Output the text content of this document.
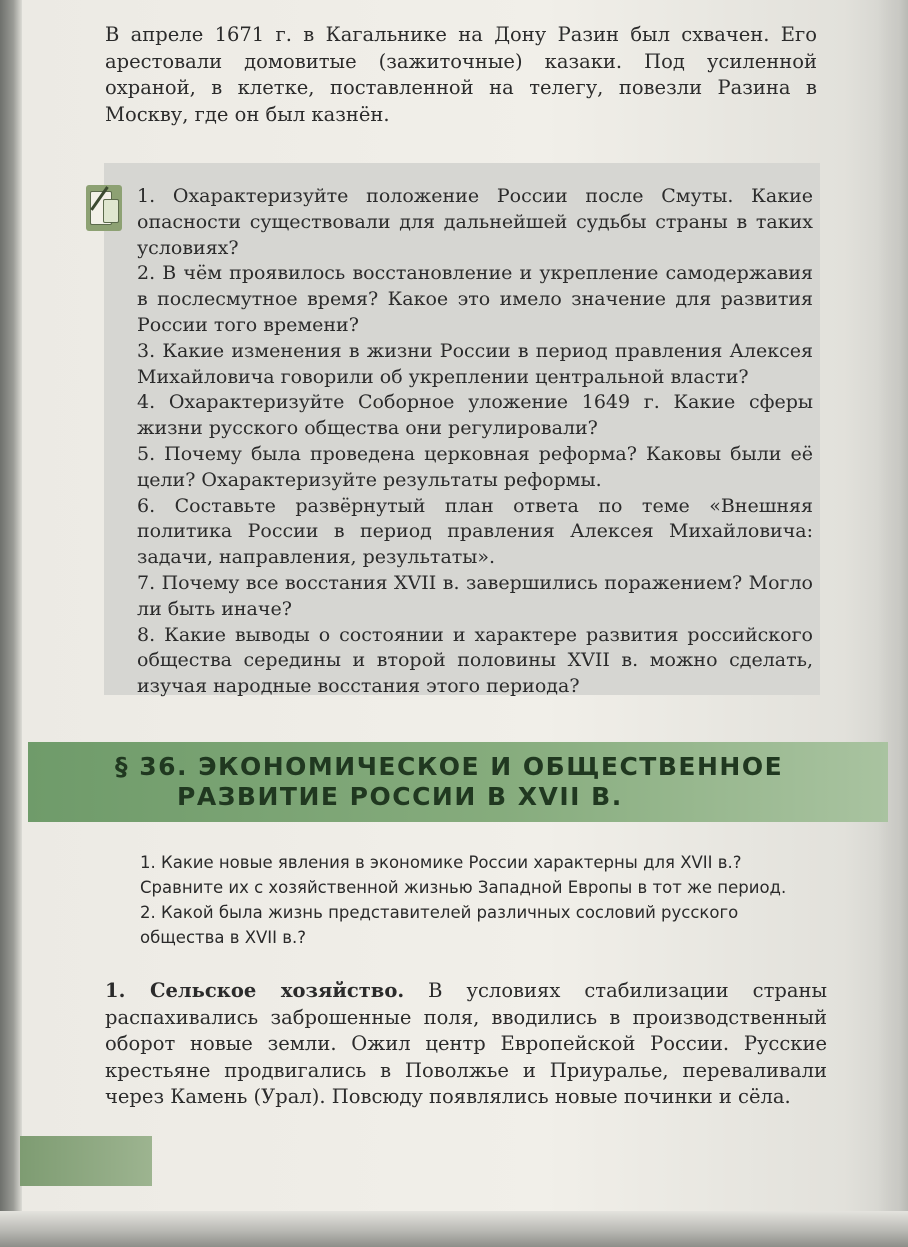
В апреле 1671 г. в Кагальнике на Дону Разин был схвачен. Его арестовали домовитые (зажиточные) казаки. Под усиленной охраной, в клетке, поставленной на телегу, повезли Разина в Москву, где он был казнён.

1. Охарактеризуйте положение России после Смуты. Какие опасности существовали для дальнейшей судьбы страны в таких условиях?
2. В чём проявилось восстановление и укрепление самодержавия в послесмутное время? Какое это имело значение для развития России того времени?
3. Какие изменения в жизни России в период правления Алексея Михайловича говорили об укреплении центральной власти?
4. Охарактеризуйте Соборное уложение 1649 г. Какие сферы жизни русского общества они регулировали?
5. Почему была проведена церковная реформа? Каковы были её цели? Охарактеризуйте результаты реформы.
6. Составьте развёрнутый план ответа по теме «Внешняя политика России в период правления Алексея Михайловича: задачи, направления, результаты».
7. Почему все восстания XVII в. завершились поражением? Могло ли быть иначе?
8. Какие выводы о состоянии и характере развития российского общества середины и второй половины XVII в. можно сделать, изучая народные восстания этого периода?
§ 36. ЭКОНОМИЧЕСКОЕ И ОБЩЕСТВЕННОЕ
РАЗВИТИЕ РОССИИ В XVII В.
1. Какие новые явления в экономике России характерны для XVII в.? Сравните их с хозяйственной жизнью Западной Европы в тот же период.
2. Какой была жизнь представителей различных сословий русского общества в XVII в.?

1. Сельское хозяйство. В условиях стабилизации страны распахивались заброшенные поля, вводились в производственный оборот новые земли. Ожил центр Европейской России. Русские крестьяне продвигались в Поволжье и Приуралье, переваливали через Камень (Урал). Повсюду появлялись новые починки и сёла.
